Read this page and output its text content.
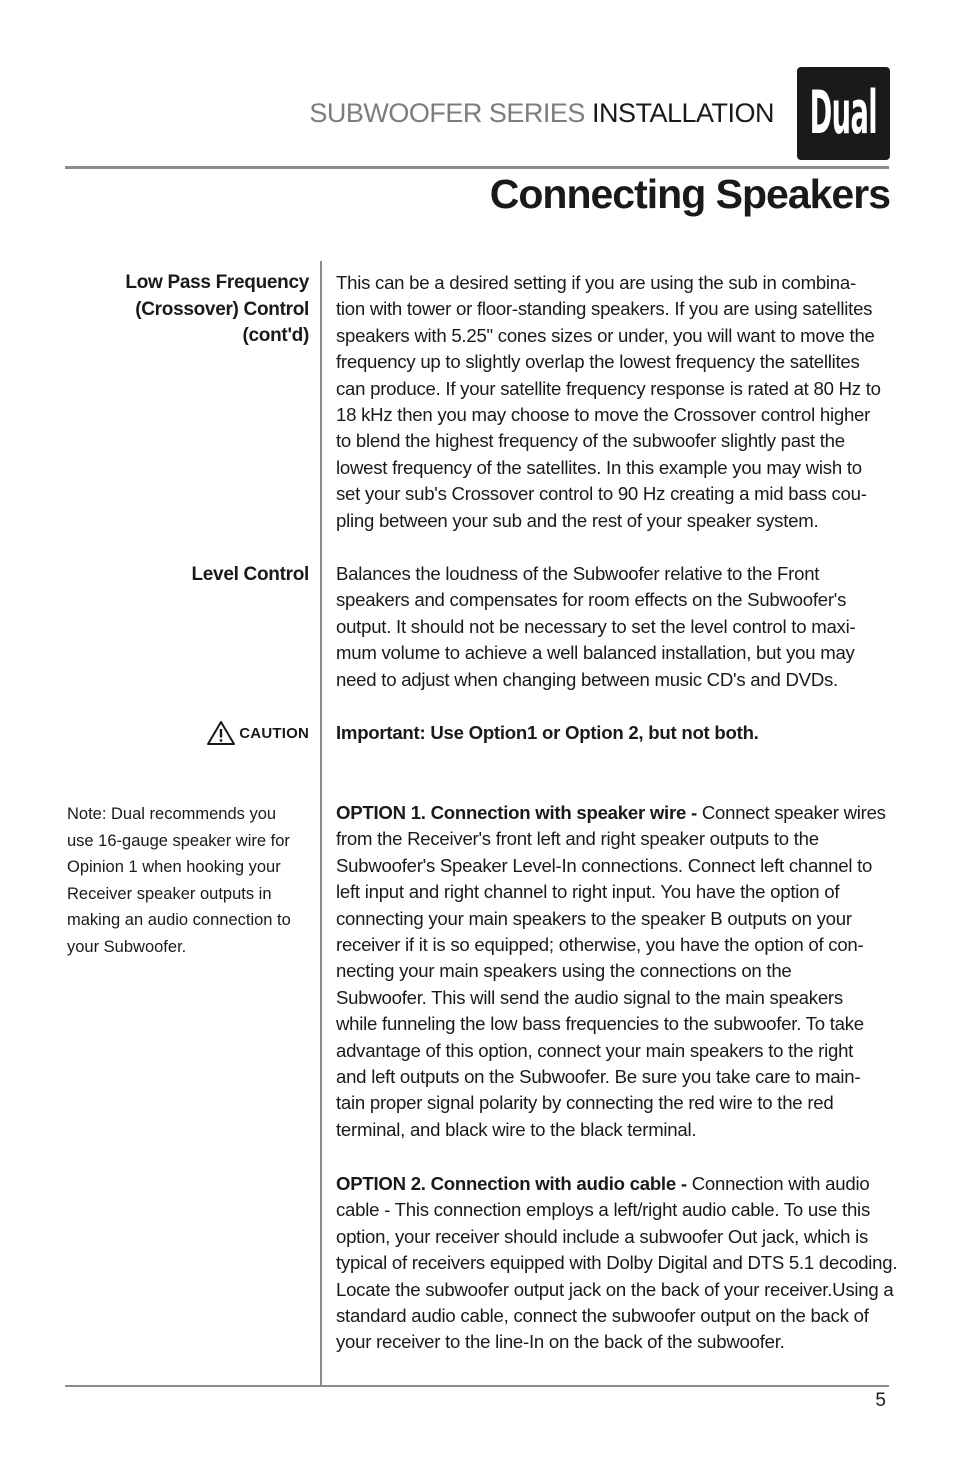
SUBWOOFER SERIES INSTALLATION Dual
Connecting Speakers
Low Pass Frequency
(Crossover) Control
(cont'd)
This can be a desired setting if you are using the sub in combina-
tion with tower or floor-standing speakers. If you are using satellites
speakers with 5.25" cones sizes or under, you will want to move the
frequency up to slightly overlap the lowest frequency the satellites
can produce. If your satellite frequency response is rated at 80 Hz to
18 kHz then you may choose to move the Crossover control higher
to blend the highest frequency of the subwoofer slightly past the
lowest frequency of the satellites. In this example you may wish to
set your sub's Crossover control to 90 Hz creating a mid bass cou-
pling between your sub and the rest of your speaker system.
Level Control Balances the loudness of the Subwoofer relative to the Front
speakers and compensates for room effects on the Subwoofer's
output. It should not be necessary to set the level control to maxi-
mum volume to achieve a well balanced installation, but you may
need to adjust when changing between music CD's and DVDs.
CAUTION Important: Use Option1 or Option 2, but not both.
Note: Dual recommends you
use 16-gauge speaker wire for
Opinion 1 when hooking your
Receiver speaker outputs in
making an audio connection to
your Subwoofer.
OPTION 1. Connection with speaker wire - Connect speaker wires
from the Receiver's front left and right speaker outputs to the
Subwoofer's Speaker Level-In connections. Connect left channel to
left input and right channel to right input. You have the option of
connecting your main speakers to the speaker B outputs on your
receiver if it is so equipped; otherwise, you have the option of con-
necting your main speakers using the connections on the
Subwoofer. This will send the audio signal to the main speakers
while funneling the low bass frequencies to the subwoofer. To take
advantage of this option, connect your main speakers to the right
and left outputs on the Subwoofer. Be sure you take care to main-
tain proper signal polarity by connecting the red wire to the red
terminal, and black wire to the black terminal.
OPTION 2. Connection with audio cable - Connection with audio
cable - This connection employs a left/right audio cable. To use this
option, your receiver should include a subwoofer Out jack, which is
typical of receivers equipped with Dolby Digital and DTS 5.1 decoding.
Locate the subwoofer output jack on the back of your receiver.Using a
standard audio cable, connect the subwoofer output on the back of
your receiver to the line-In on the back of the subwoofer.
5
